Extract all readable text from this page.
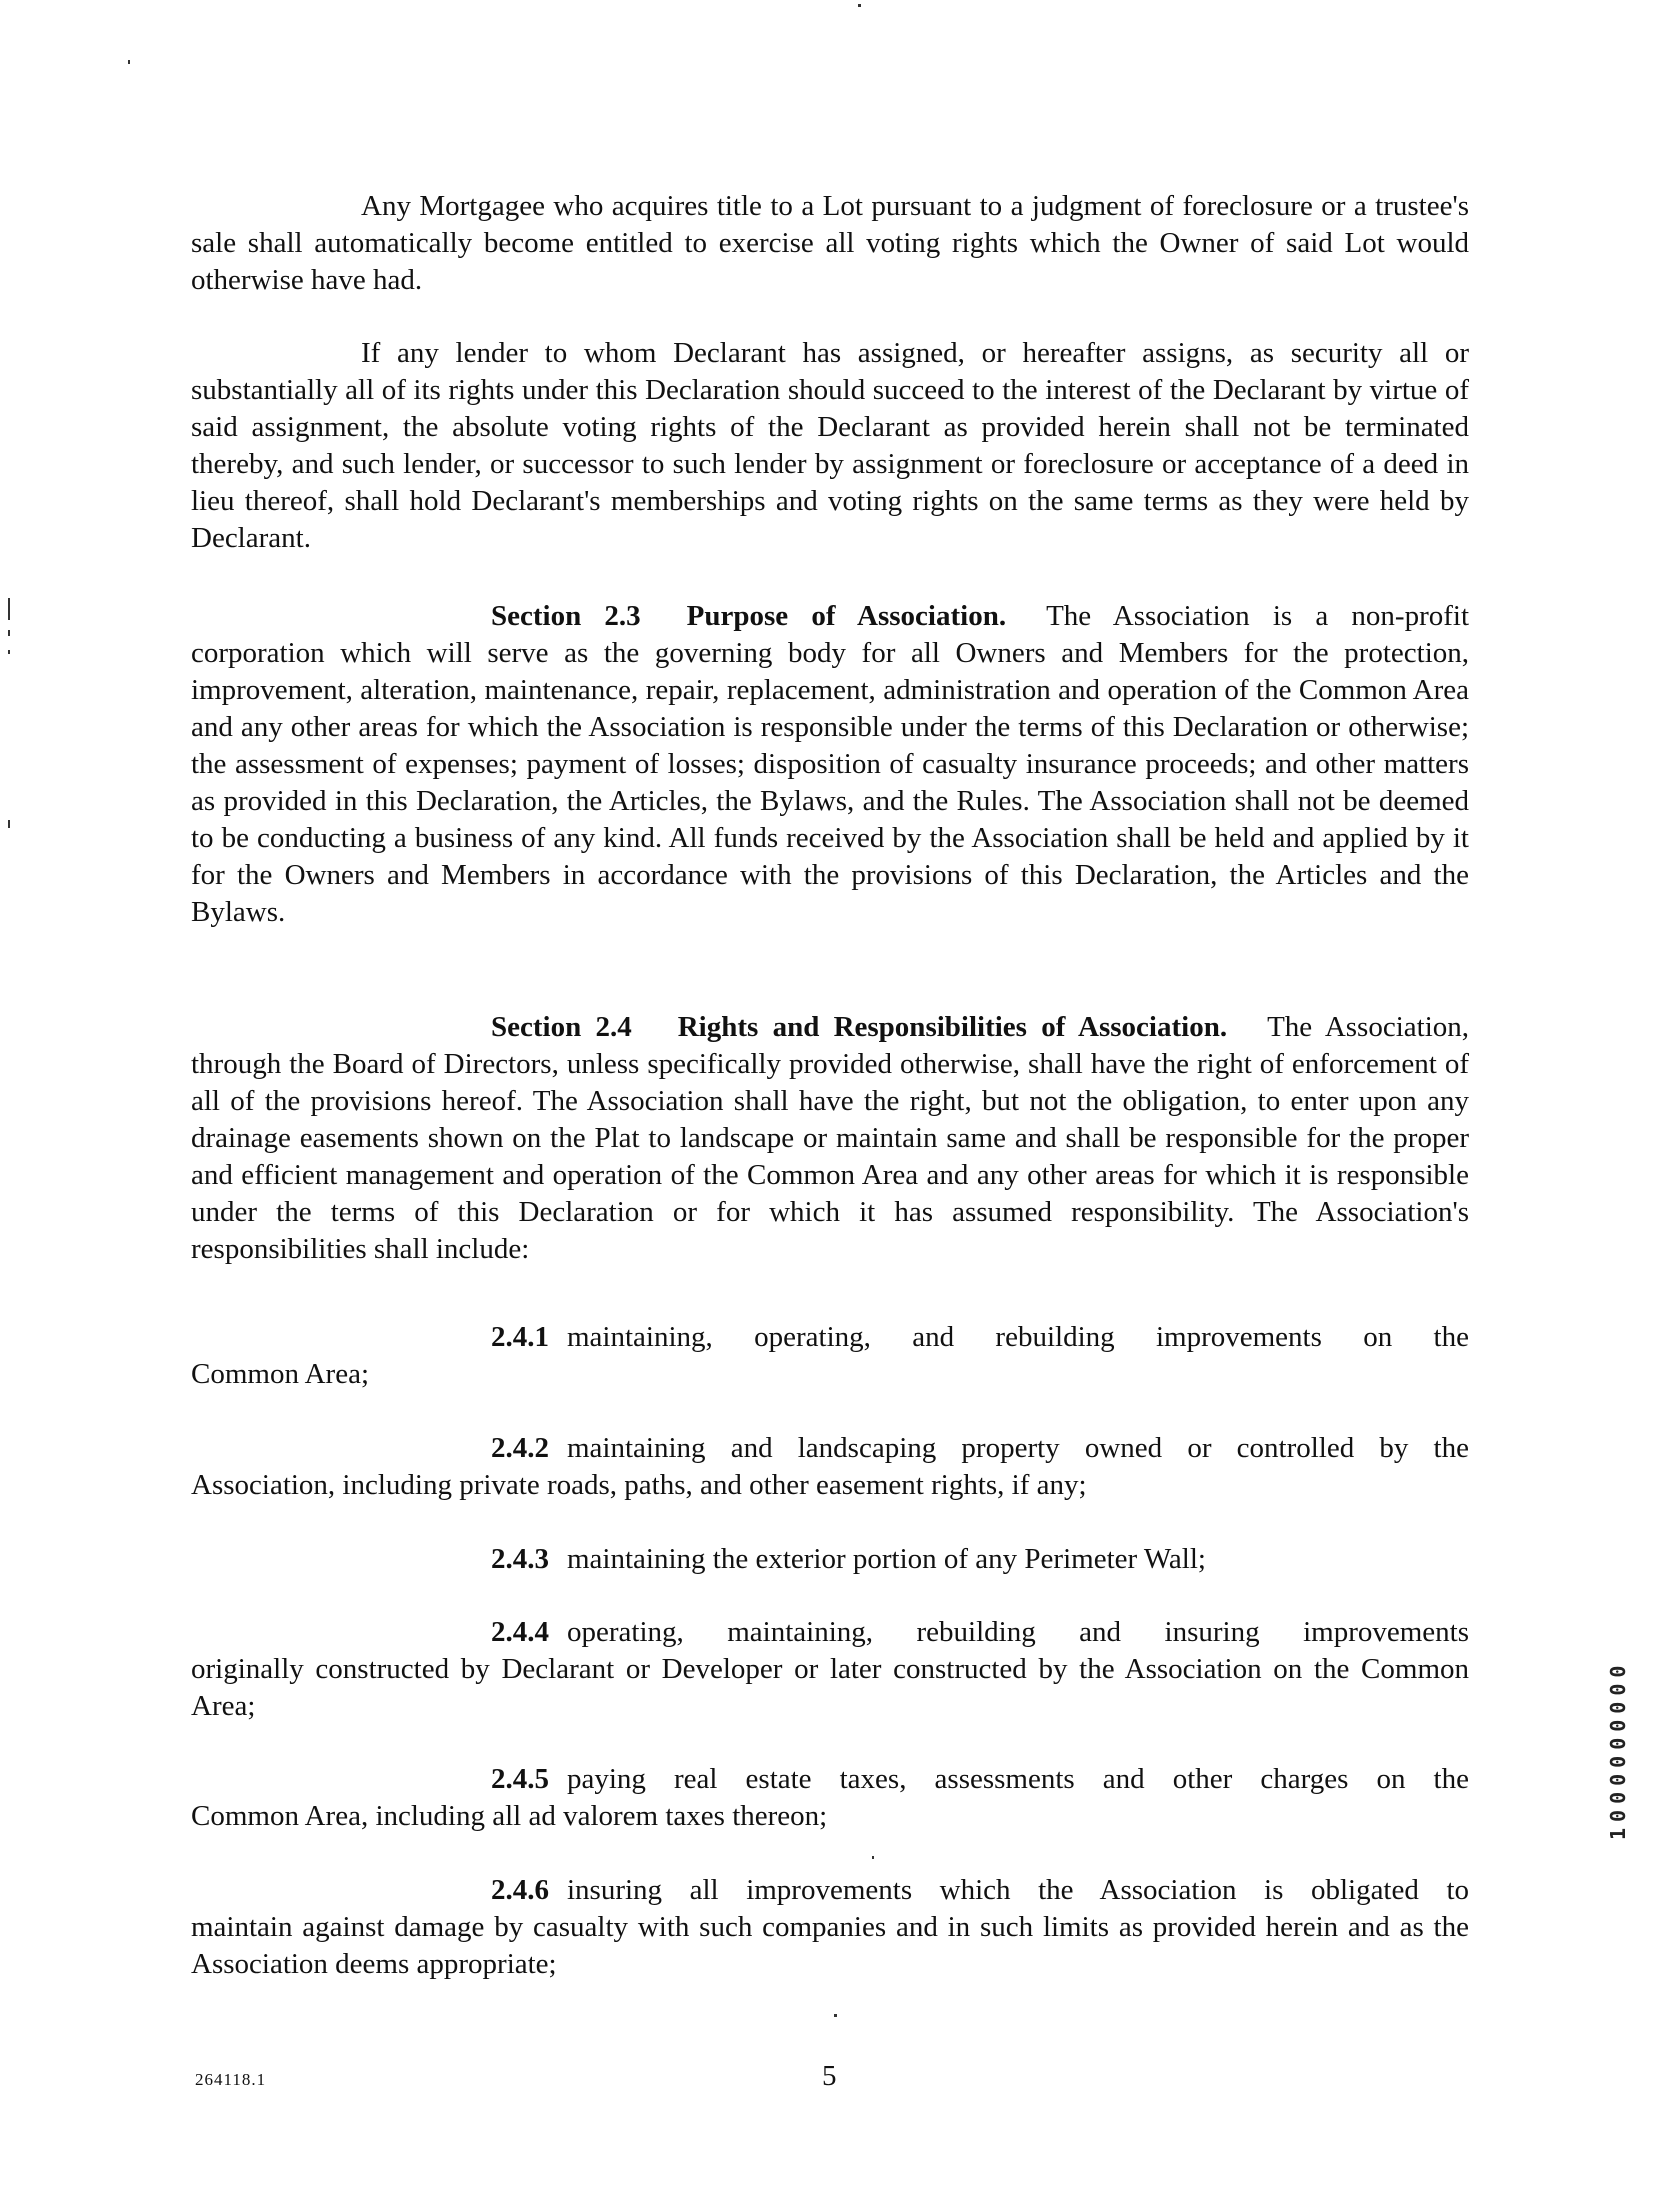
Any Mortgagee who acquires title to a Lot pursuant to a judgment of foreclosure or a trustee's sale shall automatically become entitled to exercise all voting rights which the Owner of said Lot would otherwise have had.

If any lender to whom Declarant has assigned, or hereafter assigns, as security all or substantially all of its rights under this Declaration should succeed to the interest of the Declarant by virtue of said assignment, the absolute voting rights of the Declarant as provided herein shall not be terminated thereby, and such lender, or successor to such lender by assignment or foreclosure or acceptance of a deed in lieu thereof, shall hold Declarant's memberships and voting rights on the same terms as they were held by Declarant.

Section 2.3 Purpose of Association. The Association is a non-profit corporation which will serve as the governing body for all Owners and Members for the protection, improvement, alteration, maintenance, repair, replacement, administration and operation of the Common Area and any other areas for which the Association is responsible under the terms of this Declaration or otherwise; the assessment of expenses; payment of losses; disposition of casualty insurance proceeds; and other matters as provided in this Declaration, the Articles, the Bylaws, and the Rules. The Association shall not be deemed to be conducting a business of any kind. All funds received by the Association shall be held and applied by it for the Owners and Members in accordance with the provisions of this Declaration, the Articles and the Bylaws.

Section 2.4 Rights and Responsibilities of Association. The Association, through the Board of Directors, unless specifically provided otherwise, shall have the right of enforcement of all of the provisions hereof. The Association shall have the right, but not the obligation, to enter upon any drainage easements shown on the Plat to landscape or maintain same and shall be responsible for the proper and efficient management and operation of the Common Area and any other areas for which it is responsible under the terms of this Declaration or for which it has assumed responsibility. The Association's responsibilities shall include:

2.4.1 maintaining, operating, and rebuilding improvements on the

Common Area;

2.4.2 maintaining and landscaping property owned or controlled by the

Association, including private roads, paths, and other easement rights, if any;

2.4.3 maintaining the exterior portion of any Perimeter Wall;

2.4.4 operating, maintaining, rebuilding and insuring improvements

originally constructed by Declarant or Developer or later constructed by the Association on the Common Area;

2.4.5 paying real estate taxes, assessments and other charges on the

Common Area, including all ad valorem taxes thereon;

2.4.6 insuring all improvements which the Association is obligated to

maintain against damage by casualty with such companies and in such limits as provided herein and as the Association deems appropriate;

264118.1	5
1000000000
